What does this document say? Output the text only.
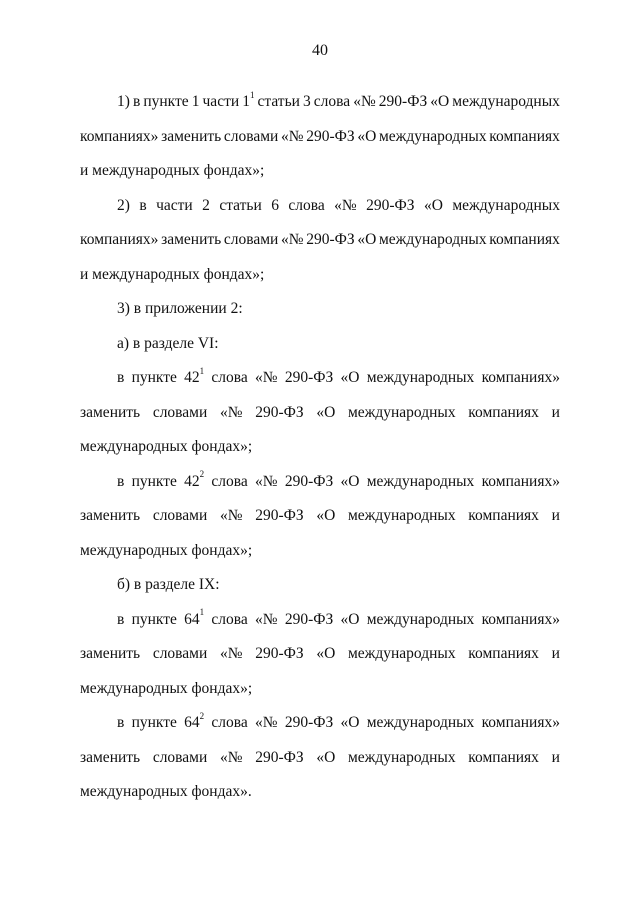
40
1) в пункте 1 части $1^1$ статьи 3 слова «№ 290-ФЗ «О международных
компаниях» заменить словами «№ 290-ФЗ «О международных компаниях
и международных фондах»;
2) в части 2 статьи 6 слова «№ 290-ФЗ «О международных
компаниях» заменить словами «№ 290-ФЗ «О международных компаниях
и международных фондах»;
3) в приложении 2:
а) в разделе VI:
в пункте $42^1$ слова «№ 290-ФЗ «О международных компаниях»
заменить словами «№ 290-ФЗ «О международных компаниях и
международных фондах»;
в пункте $42^2$ слова «№ 290-ФЗ «О международных компаниях»
заменить словами «№ 290-ФЗ «О международных компаниях и
международных фондах»;
б) в разделе IX:
в пункте $64^1$ слова «№ 290-ФЗ «О международных компаниях»
заменить словами «№ 290-ФЗ «О международных компаниях и
международных фондах»;
в пункте $64^2$ слова «№ 290-ФЗ «О международных компаниях»
заменить словами «№ 290-ФЗ «О международных компаниях и
международных фондах».
